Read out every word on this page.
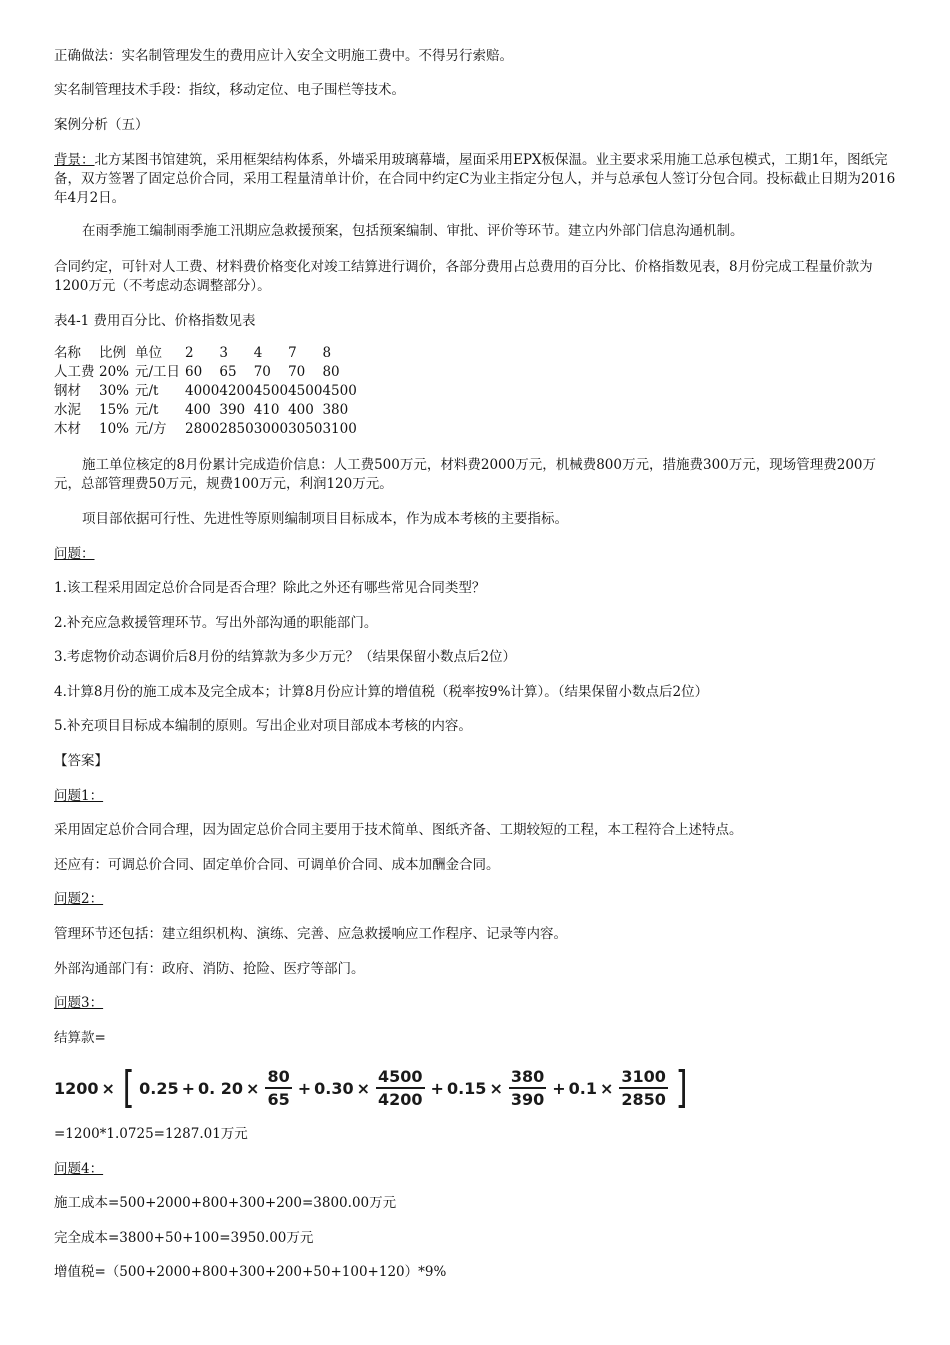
正确做法：实名制管理发生的费用应计入安全文明施工费中。不得另行索赔。

实名制管理技术手段：指纹，移动定位、电子围栏等技术。

案例分析（五）

背景：北方某图书馆建筑，采用框架结构体系，外墙采用玻璃幕墙，屋面采用EPX板保温。业主要求采用施工总承包模式，工期1年，图纸完备，双方签署了固定总价合同，采用工程量清单计价，在合同中约定C为业主指定分包人，并与总承包人签订分包合同。投标截止日期为2016年4月2日。

在雨季施工编制雨季施工汛期应急救援预案，包括预案编制、审批、评价等环节。建立内外部门信息沟通机制。

合同约定，可针对人工费、材料费价格变化对竣工结算进行调价，各部分费用占总费用的百分比、价格指数见表，8月份完成工程量价款为1200万元（不考虑动态调整部分）。

表4-1 费用百分比、价格指数见表

名称	比例	单位	2	3	4	7	8
人工费	20%	元/工日	60	65	70	70	80
钢材	30%	元/t	4000	4200	4500	4500	4500
水泥	15%	元/t	400	390	410	400	380
木材	10%	元/方	2800	2850	3000	3050	3100

施工单位核定的8月份累计完成造价信息：人工费500万元，材料费2000万元，机械费800万元，措施费300万元，现场管理费200万元，总部管理费50万元，规费100万元，利润120万元。

项目部依据可行性、先进性等原则编制项目目标成本，作为成本考核的主要指标。

问题：

1.该工程采用固定总价合同是否合理？除此之外还有哪些常见合同类型？

2.补充应急救援管理环节。写出外部沟通的职能部门。

3.考虑物价动态调价后8月份的结算款为多少万元？（结果保留小数点后2位）

4.计算8月份的施工成本及完全成本；计算8月份应计算的增值税（税率按9%计算）。（结果保留小数点后2位）

5.补充项目目标成本编制的原则。写出企业对项目部成本考核的内容。

【答案】

问题1：

采用固定总价合同合理，因为固定总价合同主要用于技术简单、图纸齐备、工期较短的工程，本工程符合上述特点。

还应有：可调总价合同、固定单价合同、可调单价合同、成本加酬金合同。

问题2：

管理环节还包括：建立组织机构、演练、完善、应急救援响应工作程序、记录等内容。

外部沟通部门有：政府、消防、抢险、医疗等部门。

问题3：

结算款=

1200 × [ 0.25 + 0. $20 \times \frac{80}{65} + 0.30 \times \frac{4500}{4200} + 0.15 \times \frac{380}{390} + 0.1 \times \frac{3100}{2850}$ ]

=1200*1.0725=1287.01万元

问题4：

施工成本=500+2000+800+300+200=3800.00万元

完全成本=3800+50+100=3950.00万元

增值税=（500+2000+800+300+200+50+100+120）*9%
